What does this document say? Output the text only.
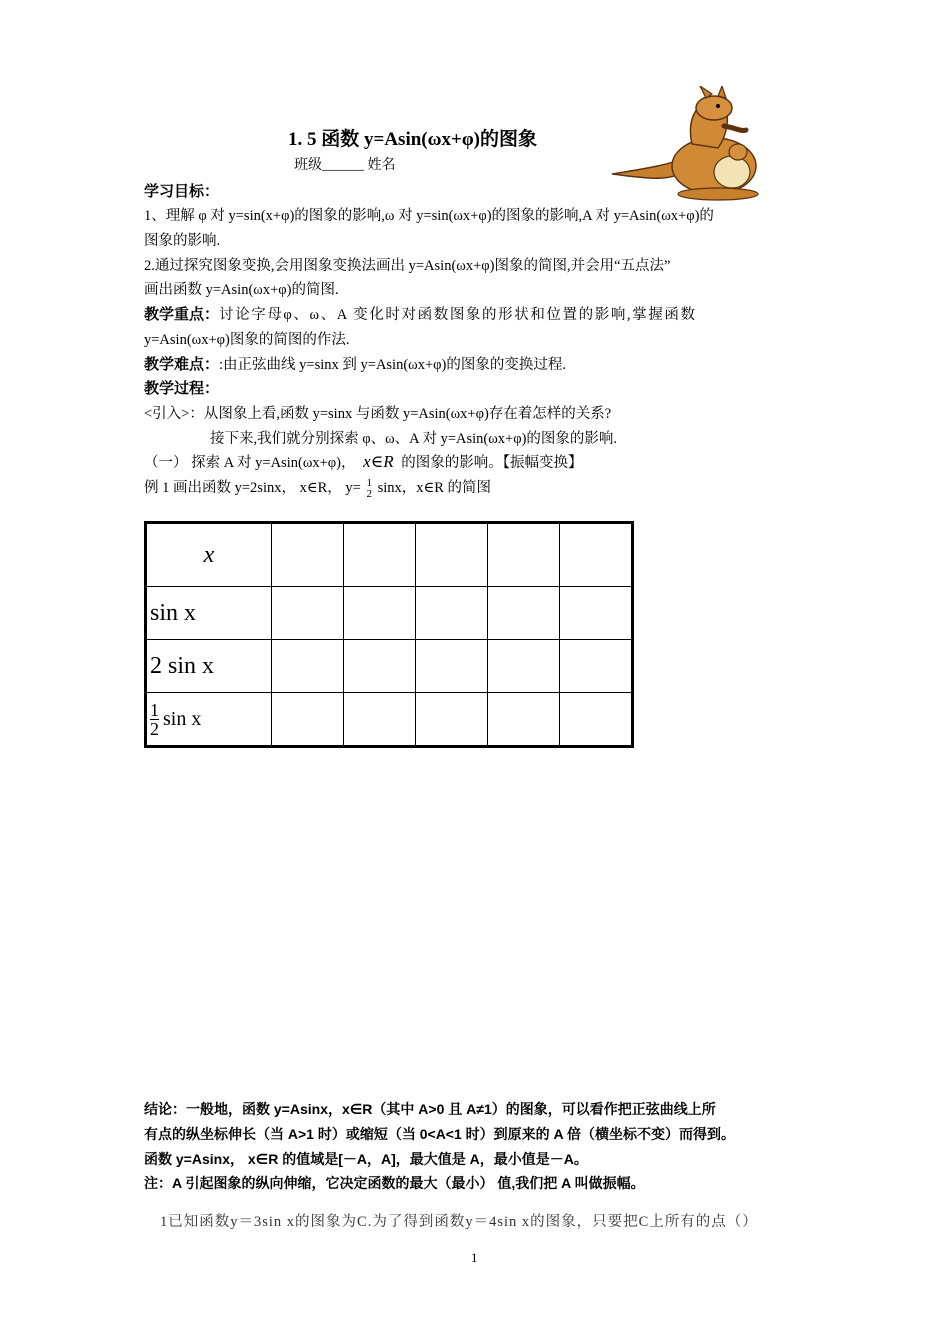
1. 5 函数 y=Asin(ωx+φ)的图象
班级______ 姓名
学习目标：
1、理解 φ 对 y=sin(x+φ)的图象的影响,ω 对 y=sin(ωx+φ)的图象的影响,A 对 y=Asin(ωx+φ)的
图象的影响.
2.通过探究图象变换,会用图象变换法画出 y=Asin(ωx+φ)图象的简图,并会用“五点法”
画出函数 y=Asin(ωx+φ)的简图.
教学重点：讨论字母φ、ω、A 变化时对函数图象的形状和位置的影响,掌握函数
y=Asin(ωx+φ)图象的简图的作法.
教学难点：:由正弦曲线 y=sinx 到 y=Asin(ωx+φ)的图象的变换过程.
教学过程：
<引入>：从图象上看,函数 y=sinx 与函数 y=Asin(ωx+φ)存在着怎样的关系?
接下来,我们就分别探索 φ、ω、A 对 y=Asin(ωx+φ)的图象的影响.
（一） 探索 A 对 y=Asin(ωx+φ)， x∈R 的图象的影响。【振幅变换】
例 1 画出函数 y=2sinx， x∈R， y= 1
2 sinx，x∈R 的简图
x					
sin x					
2 sin x					

$\frac{1}{2}$ sin x					
结论：一般地，函数 y=Asinx，x∈R（其中 A>0 且 A≠1）的图象，可以看作把正弦曲线上所
有点的纵坐标伸长（当 A>1 时）或缩短（当 0<A<1 时）到原来的 A 倍（横坐标不变）而得到。
函数 y=Asinx， x∈R 的值域是[－A，A]，最大值是 A，最小值是－A。
注：A 引起图象的纵向伸缩，它决定函数的最大（最小） 值,我们把 A 叫做振幅。
1已知函数y＝3sin x的图象为C.为了得到函数y＝4sin x的图象，只要把C上所有的点（）
1
